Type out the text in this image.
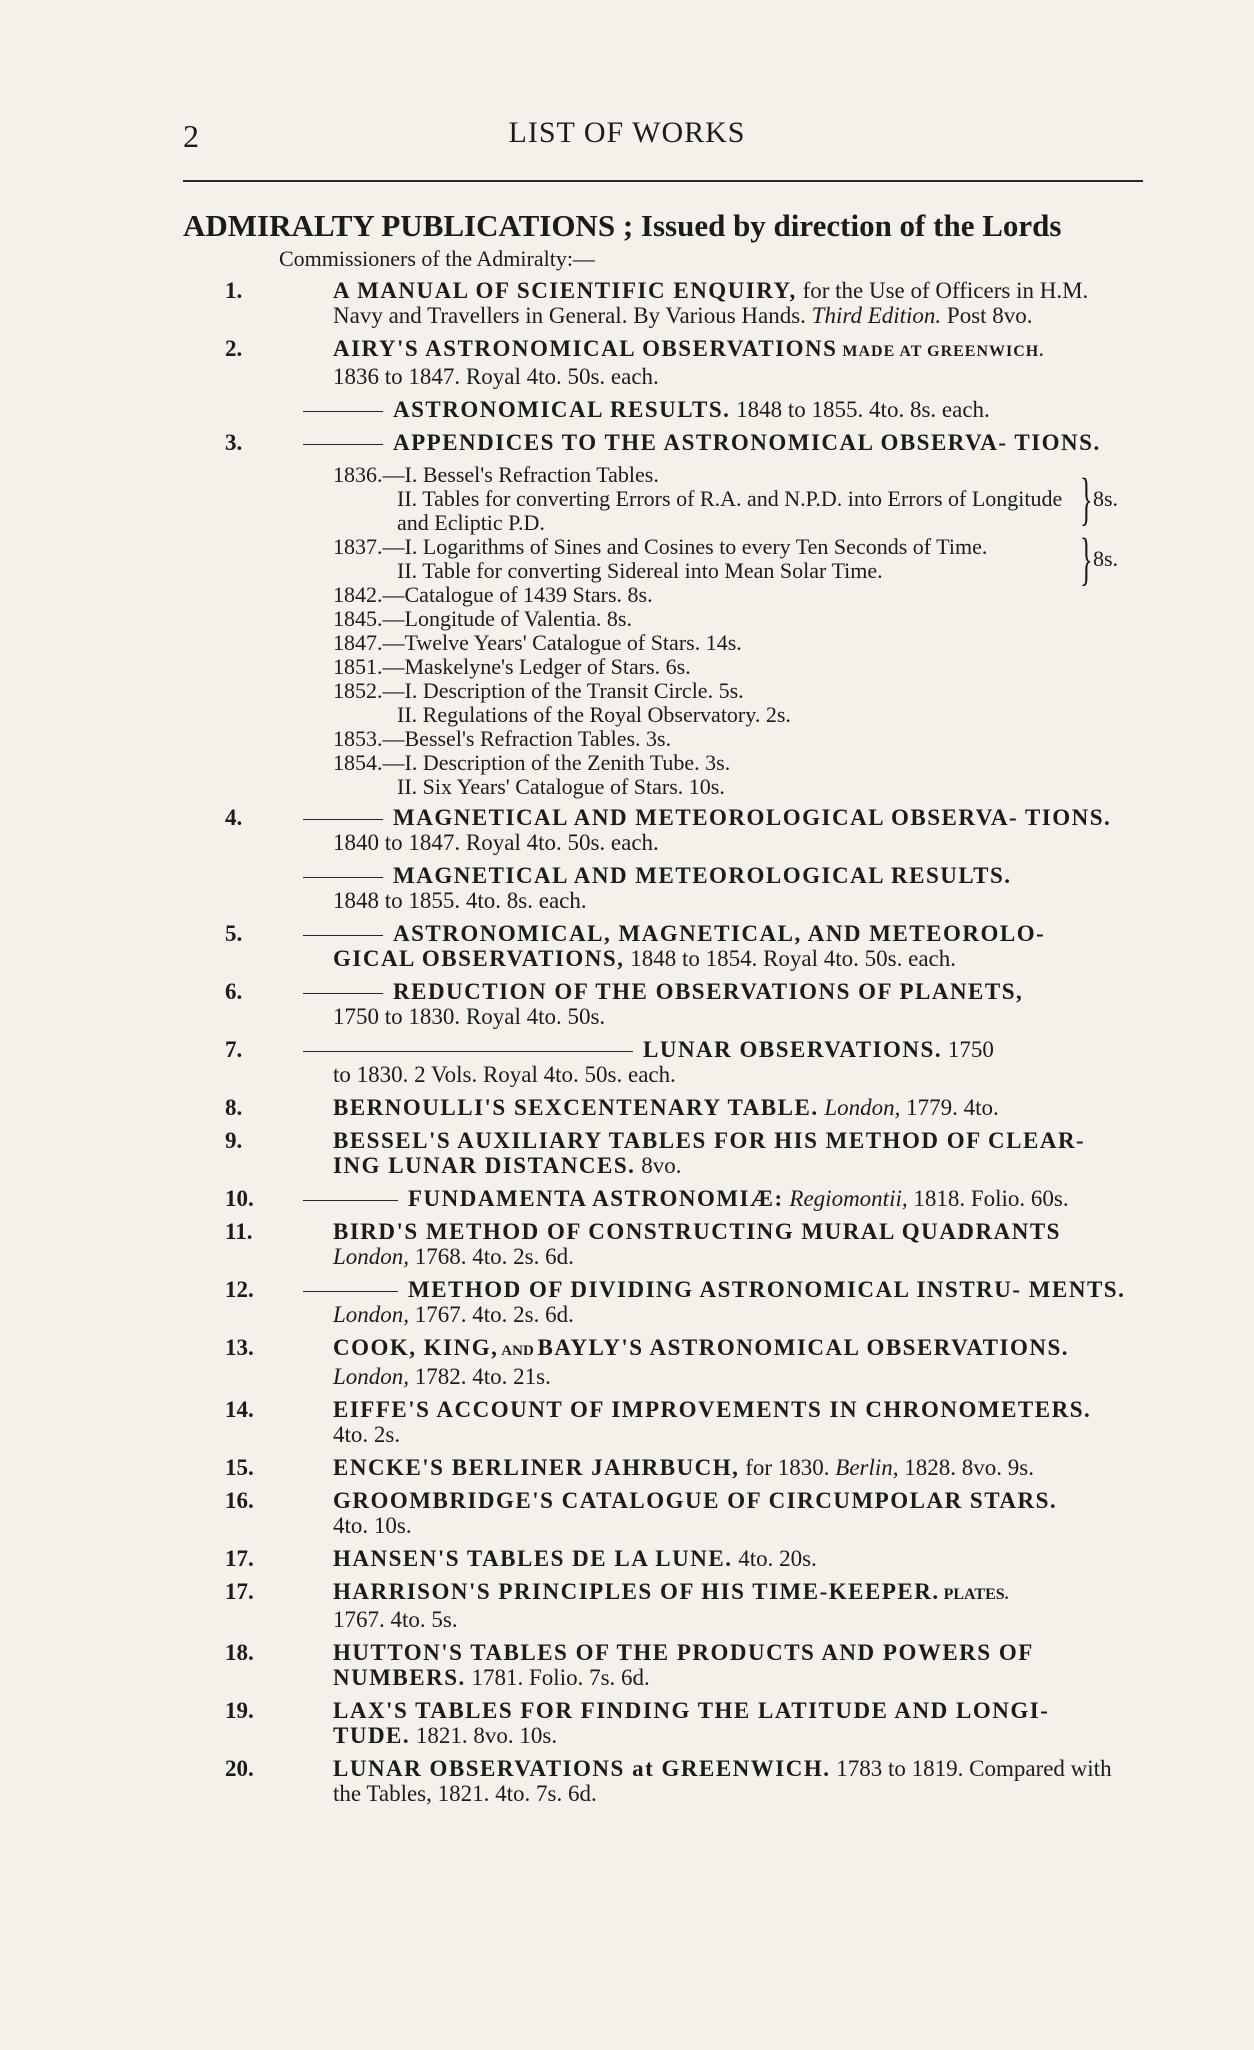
2	LIST OF WORKS

ADMIRALTY PUBLICATIONS ; Issued by direction of the Lords

Commissioners of the Admiralty:—

1.	A MANUAL OF SCIENTIFIC ENQUIRY, for the Use of Officers in H.M. Navy and Travellers in General. By Various Hands. Third Edition. Post 8vo.
2.	AIRY'S ASTRONOMICAL OBSERVATIONS MADE AT GREENWICH.
1836 to 1847. Royal 4to. 50s. each.
ASTRONOMICAL RESULTS. 1848 to 1855. 4to. 8s. each.
3.	APPENDICES TO THE ASTRONOMICAL OBSERVA- TIONS.
1836.—I. Bessel's Refraction Tables.
II. Tables for converting Errors of R.A. and N.P.D. into Errors of Longitude and Ecliptic P.D.	} 8s.
1837.—I. Logarithms of Sines and Cosines to every Ten Seconds of Time.
II. Table for converting Sidereal into Mean Solar Time.	} 8s.
1842.—Catalogue of 1439 Stars. 8s.
1845.—Longitude of Valentia. 8s.
1847.—Twelve Years' Catalogue of Stars. 14s.
1851.—Maskelyne's Ledger of Stars. 6s.
1852.—I. Description of the Transit Circle. 5s.
II. Regulations of the Royal Observatory. 2s.
1853.—Bessel's Refraction Tables. 3s.
1854.—I. Description of the Zenith Tube. 3s.
II. Six Years' Catalogue of Stars. 10s.
4.	MAGNETICAL AND METEOROLOGICAL OBSERVA- TIONS. 1840 to 1847. Royal 4to. 50s. each.
MAGNETICAL AND METEOROLOGICAL RESULTS.
1848 to 1855. 4to. 8s. each.
5.	ASTRONOMICAL, MAGNETICAL, AND METEOROLO- GICAL OBSERVATIONS, 1848 to 1854. Royal 4to. 50s. each.
6.	REDUCTION OF THE OBSERVATIONS OF PLANETS,
1750 to 1830. Royal 4to. 50s.
7.	LUNAR OBSERVATIONS. 1750
to 1830. 2 Vols. Royal 4to. 50s. each.
8.	BERNOULLI'S SEXCENTENARY TABLE. London, 1779. 4to.
9.	BESSEL'S AUXILIARY TABLES FOR HIS METHOD OF CLEAR- ING LUNAR DISTANCES. 8vo.
10.	FUNDAMENTA ASTRONOMIÆ: Regiomontii, 1818. Folio. 60s.
11.	BIRD'S METHOD OF CONSTRUCTING MURAL QUADRANTS
London, 1768. 4to. 2s. 6d.
12.	METHOD OF DIVIDING ASTRONOMICAL INSTRU- MENTS. London, 1767. 4to. 2s. 6d.
13.	COOK, KING, AND BAYLY'S ASTRONOMICAL OBSERVATIONS.
London, 1782. 4to. 21s.
14.	EIFFE'S ACCOUNT OF IMPROVEMENTS IN CHRONOMETERS.
4to. 2s.
15.	ENCKE'S BERLINER JAHRBUCH, for 1830. Berlin, 1828. 8vo. 9s.
16.	GROOMBRIDGE'S CATALOGUE OF CIRCUMPOLAR STARS.
4to. 10s.
17.	HANSEN'S TABLES DE LA LUNE. 4to. 20s.
17.	HARRISON'S PRINCIPLES OF HIS TIME-KEEPER. PLATES.
1767. 4to. 5s.
18.	HUTTON'S TABLES OF THE PRODUCTS AND POWERS OF NUMBERS. 1781. Folio. 7s. 6d.
19.	LAX'S TABLES FOR FINDING THE LATITUDE AND LONGI- TUDE. 1821. 8vo. 10s.
20.	LUNAR OBSERVATIONS at GREENWICH. 1783 to 1819. Compared with the Tables, 1821. 4to. 7s. 6d.
